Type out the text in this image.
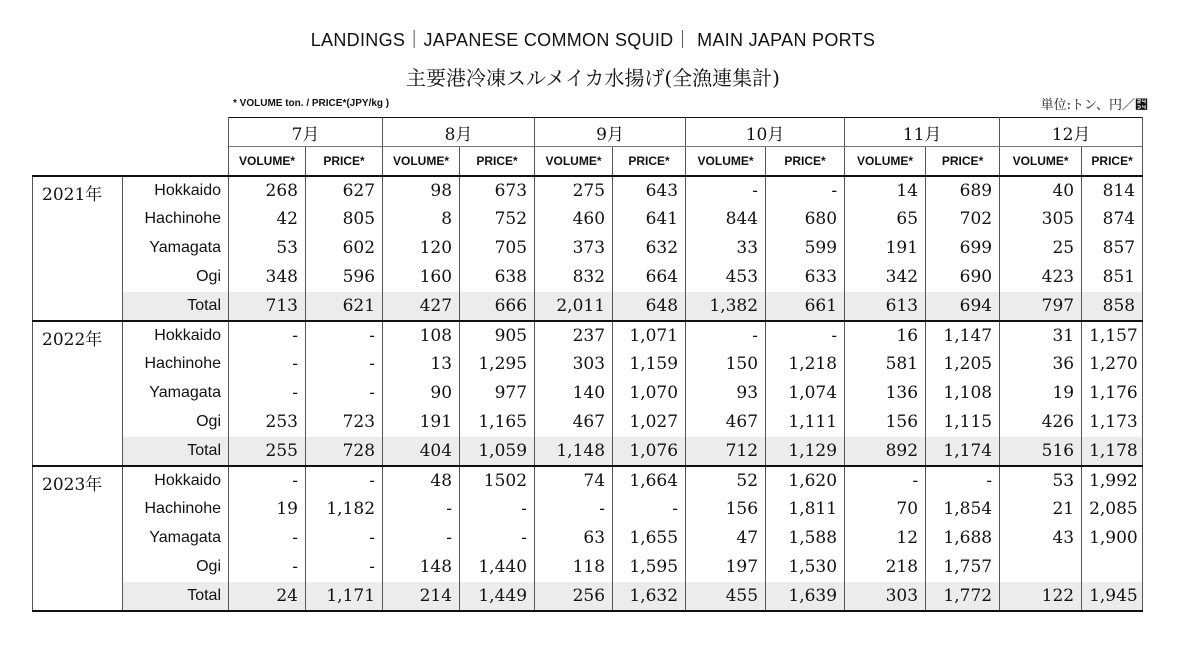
LANDINGS｜JAPANESE COMMON SQUID｜ MAIN JAPAN PORTS
主要港冷凍スルメイカ水揚げ(全漁連集計)
* VOLUME ton. / PRICE*(JPY/kg )	単位:トン、円／␴
		7月		8月		9月		10月		11月		12月	
		VOLUME*	PRICE*	VOLUME*	PRICE*	VOLUME*	PRICE*	VOLUME*	PRICE*	VOLUME*	PRICE*	VOLUME*	PRICE*
2021年	Hokkaido	268	627	98	673	275	643	-	-	14	689	40	814
	Hachinohe	42	805	8	752	460	641	844	680	65	702	305	874
	Yamagata	53	602	120	705	373	632	33	599	191	699	25	857
	Ogi	348	596	160	638	832	664	453	633	342	690	423	851
	Total	713	621	427	666	2,011	648	1,382	661	613	694	797	858
2022年	Hokkaido	-	-	108	905	237	1,071	-	-	16	1,147	31	1,157
	Hachinohe	-	-	13	1,295	303	1,159	150	1,218	581	1,205	36	1,270
	Yamagata	-	-	90	977	140	1,070	93	1,074	136	1,108	19	1,176
	Ogi	253	723	191	1,165	467	1,027	467	1,111	156	1,115	426	1,173
	Total	255	728	404	1,059	1,148	1,076	712	1,129	892	1,174	516	1,178
2023年	Hokkaido	-	-	48	1502	74	1,664	52	1,620	-	-	53	1,992
	Hachinohe	19	1,182	-	-	-	-	156	1,811	70	1,854	21	2,085
	Yamagata	-	-	-	-	63	1,655	47	1,588	12	1,688	43	1,900
	Ogi	-	-	148	1,440	118	1,595	197	1,530	218	1,757		
	Total	24	1,171	214	1,449	256	1,632	455	1,639	303	1,772	122	1,945
